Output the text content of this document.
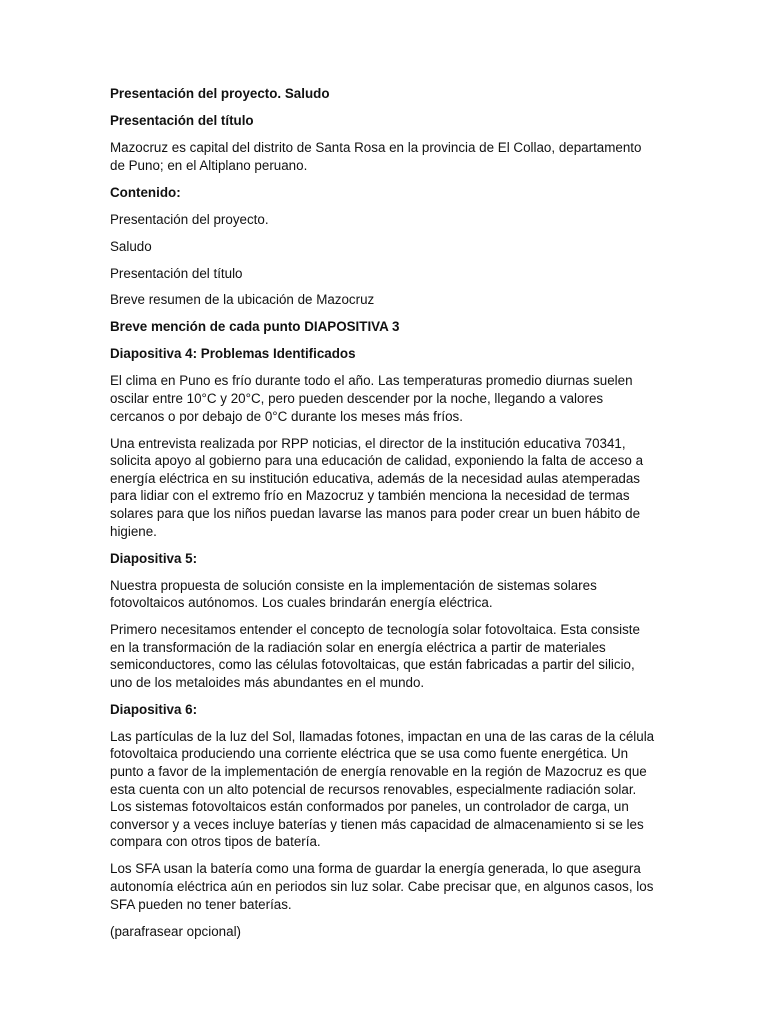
Presentación del proyecto. Saludo

Presentación del título

Mazocruz es capital del distrito de Santa Rosa en la provincia de El Collao, departamento de Puno; en el Altiplano peruano.

Contenido:

Presentación del proyecto.

Saludo

Presentación del título

Breve resumen de la ubicación de Mazocruz

Breve mención de cada punto DIAPOSITIVA 3

Diapositiva 4: Problemas Identificados

El clima en Puno es frío durante todo el año. Las temperaturas promedio diurnas suelen oscilar entre 10°C y 20°C, pero pueden descender por la noche, llegando a valores cercanos o por debajo de 0°C durante los meses más fríos.

Una entrevista realizada por RPP noticias, el director de la institución educativa 70341, solicita apoyo al gobierno para una educación de calidad, exponiendo la falta de acceso a energía eléctrica en su institución educativa, además de la necesidad aulas atemperadas para lidiar con el extremo frío en Mazocruz y también menciona la necesidad de termas solares para que los niños puedan lavarse las manos para poder crear un buen hábito de higiene.

Diapositiva 5:

Nuestra propuesta de solución consiste en la implementación de sistemas solares fotovoltaicos autónomos. Los cuales brindarán energía eléctrica.

Primero necesitamos entender el concepto de tecnología solar fotovoltaica. Esta consiste en la transformación de la radiación solar en energía eléctrica a partir de materiales semiconductores, como las células fotovoltaicas, que están fabricadas a partir del silicio, uno de los metaloides más abundantes en el mundo.

Diapositiva 6:

Las partículas de la luz del Sol, llamadas fotones, impactan en una de las caras de la célula fotovoltaica produciendo una corriente eléctrica que se usa como fuente energética. Un punto a favor de la implementación de energía renovable en la región de Mazocruz es que esta cuenta con un alto potencial de recursos renovables, especialmente radiación solar. Los sistemas fotovoltaicos están conformados por paneles, un controlador de carga, un conversor y a veces incluye baterías y tienen más capacidad de almacenamiento si se les compara con otros tipos de batería.

Los SFA usan la batería como una forma de guardar la energía generada, lo que asegura autonomía eléctrica aún en periodos sin luz solar. Cabe precisar que, en algunos casos, los SFA pueden no tener baterías.

(parafrasear opcional)
